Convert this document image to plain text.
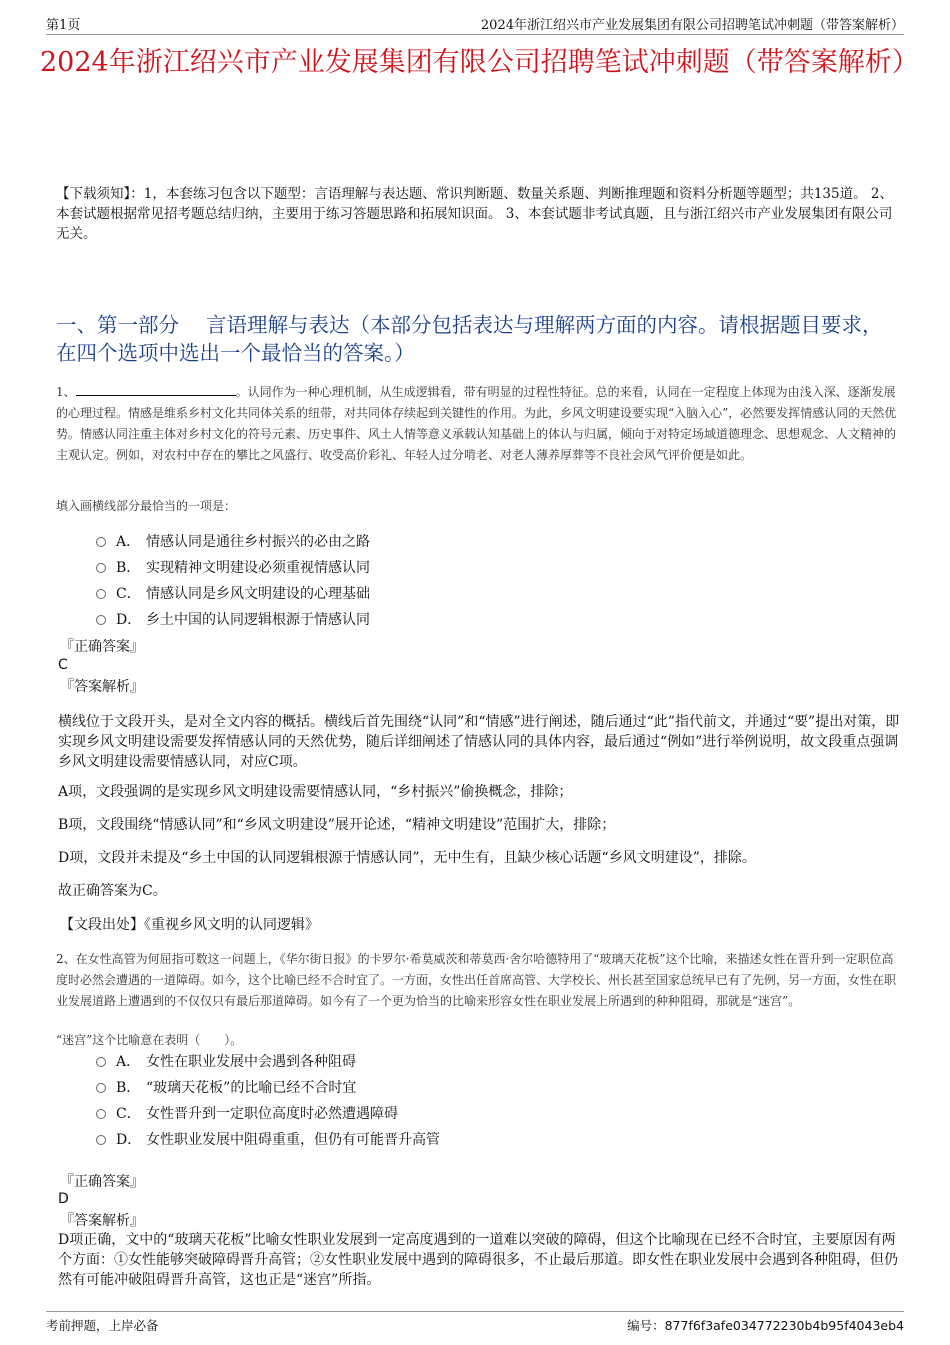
第1页	2024年浙江绍兴市产业发展集团有限公司招聘笔试冲刺题（带答案解析）
2024年浙江绍兴市产业发展集团有限公司招聘笔试冲刺题（带答案解析）
【下载须知】：1，本套练习包含以下题型：言语理解与表达题、常识判断题、数量关系题、判断推理题和资料分析题等题型；共135道。 2、本套试题根据常见招考题总结归纳，主要用于练习答题思路和拓展知识面。 3、本套试题非考试真题，且与浙江绍兴市产业发展集团有限公司无关。
一、第一部分　 言语理解与表达（本部分包括表达与理解两方面的内容。请根据题目要求，在四个选项中选出一个最恰当的答案。）
1、	。认同作为一种心理机制，从生成逻辑看，带有明显的过程性特征。总的来看，认同在一定程度上体现为由浅入深、逐渐发展的心理过程。情感是维系乡村文化共同体关系的纽带，对共同体存续起到关键性的作用。为此，乡风文明建设要实现“入脑入心”，必然要发挥情感认同的天然优势。情感认同注重主体对乡村文化的符号元素、历史事件、风土人情等意义承载认知基础上的体认与归属，倾向于对特定场域道德理念、思想观念、人文精神的主观认定。例如，对农村中存在的攀比之风盛行、收受高价彩礼、年轻人过分啃老、对老人薄养厚葬等不良社会风气评价便是如此。
填入画横线部分最恰当的一项是：
A． 情感认同是通往乡村振兴的必由之路
B． 实现精神文明建设必须重视情感认同
C． 情感认同是乡风文明建设的心理基础
D． 乡土中国的认同逻辑根源于情感认同
『正确答案』
C
『答案解析』
横线位于文段开头，是对全文内容的概括。横线后首先围绕“认同”和“情感”进行阐述，随后通过“此”指代前文，并通过“要”提出对策，即实现乡风文明建设需要发挥情感认同的天然优势，随后详细阐述了情感认同的具体内容，最后通过“例如”进行举例说明，故文段重点强调乡风文明建设需要情感认同，对应C项。
A项，文段强调的是实现乡风文明建设需要情感认同，“乡村振兴”偷换概念，排除；
B项，文段围绕“情感认同”和“乡风文明建设”展开论述，“精神文明建设”范围扩大，排除；
D项，文段并未提及“乡土中国的认同逻辑根源于情感认同”，无中生有，且缺少核心话题“乡风文明建设”，排除。
故正确答案为C。
【文段出处】《重视乡风文明的认同逻辑》
2、在女性高管为何屈指可数这一问题上，《华尔街日报》的卡罗尔·希莫威茨和蒂莫西·舍尔哈德特用了“玻璃天花板”这个比喻，来描述女性在晋升到一定职位高度时必然会遭遇的一道障碍。如今，这个比喻已经不合时宜了。一方面，女性出任首席高管、大学校长、州长甚至国家总统早已有了先例，另一方面，女性在职业发展道路上遭遇到的不仅仅只有最后那道障碍。如今有了一个更为恰当的比喻来形容女性在职业发展上所遇到的种种阻碍，那就是“迷宫”。
“迷宫”这个比喻意在表明（　　）。
A． 女性在职业发展中会遇到各种阻碍
B． “玻璃天花板”的比喻已经不合时宜
C． 女性晋升到一定职位高度时必然遭遇障碍
D． 女性职业发展中阻碍重重，但仍有可能晋升高管
『正确答案』
D
『答案解析』
D项正确，文中的“玻璃天花板”比喻女性职业发展到一定高度遇到的一道难以突破的障碍，但这个比喻现在已经不合时宜，主要原因有两个方面：①女性能够突破障碍晋升高管；②女性职业发展中遇到的障碍很多，不止最后那道。即女性在职业发展中会遇到各种阻碍，但仍然有可能冲破阻碍晋升高管，这也正是“迷宫”所指。
考前押题，上岸必备	编号：877f6f3afe034772230b4b95f4043eb4
